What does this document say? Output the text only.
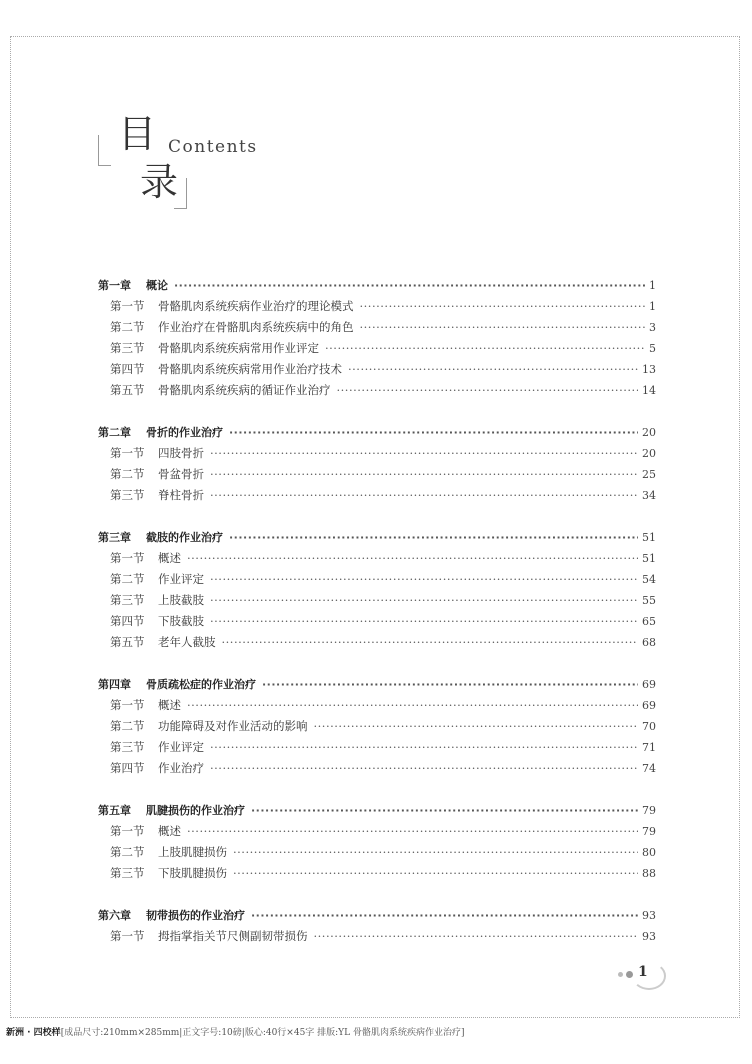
目 Contents
录
第一章	概论 ·····	1
第一节	骨骼肌肉系统疾病作业治疗的理论模式 ·····	1
第二节	作业治疗在骨骼肌肉系统疾病中的角色 ·····	3
第三节	骨骼肌肉系统疾病常用作业评定 ·····	5
第四节	骨骼肌肉系统疾病常用作业治疗技术 ·····	13
第五节	骨骼肌肉系统疾病的循证作业治疗 ·····	14
第二章	骨折的作业治疗 ·····	20
第一节	四肢骨折 ·····	20
第二节	骨盆骨折 ·····	25
第三节	脊柱骨折 ·····	34
第三章	截肢的作业治疗 ·····	51
第一节	概述 ·····	51
第二节	作业评定 ·····	54
第三节	上肢截肢 ·····	55
第四节	下肢截肢 ·····	65
第五节	老年人截肢 ·····	68
第四章	骨质疏松症的作业治疗 ·····	69
第一节	概述 ·····	69
第二节	功能障碍及对作业活动的影响 ·····	70
第三节	作业评定 ·····	71
第四节	作业治疗 ·····	74
第五章	肌腱损伤的作业治疗 ·····	79
第一节	概述 ·····	79
第二节	上肢肌腱损伤 ·····	80
第三节	下肢肌腱损伤 ·····	88
第六章	韧带损伤的作业治疗 ·····	93
第一节	拇指掌指关节尺侧副韧带损伤 ·····	93
1
新洲 · 四校样[成品尺寸:210mm×285mm|正文字号:10磅|版心:40行×45字 排版:YL 骨骼肌肉系统疾病作业治疗]
